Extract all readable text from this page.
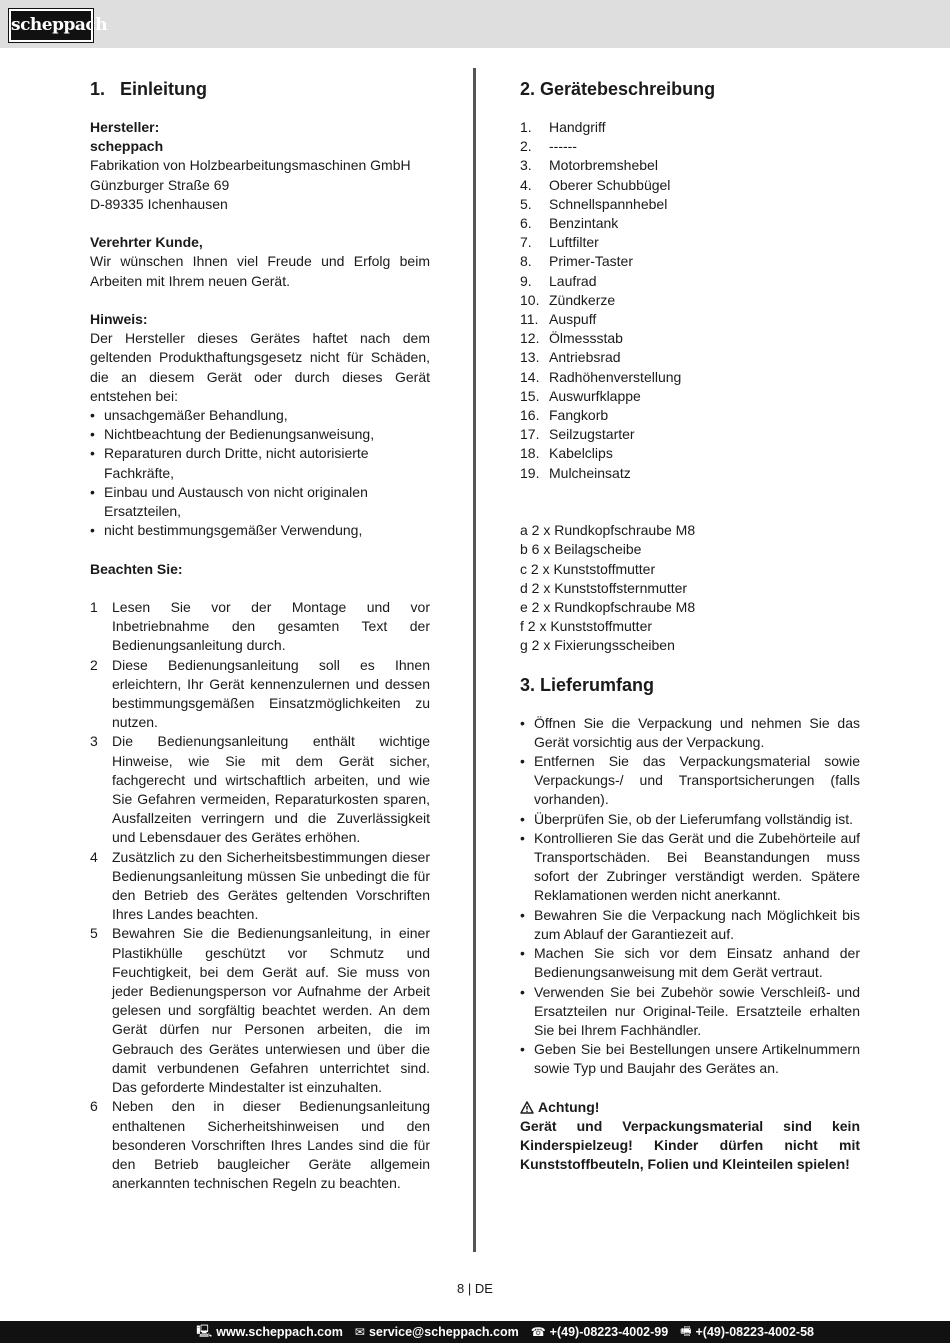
scheppach
1.   Einleitung
Hersteller:
scheppach
Fabrikation von Holzbearbeitungsmaschinen GmbH
Günzburger Straße 69
D-89335 Ichenhausen
Verehrter Kunde,
Wir wünschen Ihnen viel Freude und Erfolg beim Arbeiten mit Ihrem neuen Gerät.
Hinweis:
Der Hersteller dieses Gerätes haftet nach dem geltenden Produkthaftungsgesetz nicht für Schäden, die an diesem Gerät oder durch dieses Gerät entstehen bei:
• unsachgemäßer Behandlung,
• Nichtbeachtung der Bedienungsanweisung,
• Reparaturen durch Dritte, nicht autorisierte Fachkräfte,
• Einbau und Austausch von nicht originalen Ersatzteilen,
• nicht bestimmungsgemäßer Verwendung,
Beachten Sie:
1	Lesen Sie vor der Montage und vor Inbetriebnahme den gesamten Text der Bedienungsanleitung durch.
2	Diese Bedienungsanleitung soll es Ihnen erleichtern, Ihr Gerät kennenzulernen und dessen bestimmungsgemäßen Einsatzmöglichkeiten zu nutzen.
3	Die Bedienungsanleitung enthält wichtige Hinweise, wie Sie mit dem Gerät sicher, fachgerecht und wirtschaftlich arbeiten, und wie Sie Gefahren vermeiden, Reparaturkosten sparen, Ausfallzeiten verringern und die Zuverlässigkeit und Lebensdauer des Gerätes erhöhen.
4	Zusätzlich zu den Sicherheitsbestimmungen dieser Bedienungsanleitung müssen Sie unbedingt die für den Betrieb des Gerätes geltenden Vorschriften Ihres Landes beachten.
5	Bewahren Sie die Bedienungsanleitung, in einer Plastikhülle geschützt vor Schmutz und Feuchtigkeit, bei dem Gerät auf. Sie muss von jeder Bedienungsperson vor Aufnahme der Arbeit gelesen und sorgfältig beachtet werden. An dem Gerät dürfen nur Personen arbeiten, die im Gebrauch des Gerätes unterwiesen und über die damit verbundenen Gefahren unterrichtet sind. Das geforderte Mindestalter ist einzuhalten.
6	Neben den in dieser Bedienungsanleitung enthaltenen Sicherheitshinweisen und den besonderen Vorschriften Ihres Landes sind die für den Betrieb baugleicher Geräte allgemein anerkannten technischen Regeln zu beachten.
2. Gerätebeschreibung
1.	Handgriff
2.	------
3.	Motorbremshebel
4.	Oberer Schubbügel
5.	Schnellspannhebel
6.	Benzintank
7.	Luftfilter
8.	Primer-Taster
9.	Laufrad
10. Zündkerze
11. Auspuff
12. Ölmessstab
13. Antriebsrad
14. Radhöhenverstellung
15. Auswurfklappe
16. Fangkorb
17. Seilzugstarter
18. Kabelclips
19. Mulcheinsatz
a 2 x Rundkopfschraube M8
b 6 x Beilagscheibe
c 2 x Kunststoffmutter
d 2 x Kunststoffsternmutter
e 2 x Rundkopfschraube M8
f 2 x Kunststoffmutter
g 2 x Fixierungsscheiben
3. Lieferumfang
• Öffnen Sie die Verpackung und nehmen Sie das Gerät vorsichtig aus der Verpackung.
• Entfernen Sie das Verpackungsmaterial sowie Verpackungs-/ und Transportsicherungen (falls vorhanden).
• Überprüfen Sie, ob der Lieferumfang vollständig ist.
• Kontrollieren Sie das Gerät und die Zubehörteile auf Transportschäden. Bei Beanstandungen muss sofort der Zubringer verständigt werden. Spätere Reklamationen werden nicht anerkannt.
• Bewahren Sie die Verpackung nach Möglichkeit bis zum Ablauf der Garantiezeit auf.
• Machen Sie sich vor dem Einsatz anhand der Bedienungsanweisung mit dem Gerät vertraut.
• Verwenden Sie bei Zubehör sowie Verschleiß- und Ersatzteilen nur Original-Teile. Ersatzteile erhalten Sie bei Ihrem Fachhändler.
• Geben Sie bei Bestellungen unsere Artikelnummern sowie Typ und Baujahr des Gerätes an.
Achtung!
Gerät und Verpackungsmaterial sind kein Kinderspielzeug! Kinder dürfen nicht mit Kunststoffbeuteln, Folien und Kleinteilen spielen!
8 | DE
🖳 www.scheppach.com ✉ service@scheppach.com ☎ +(49)-08223-4002-99 🖷 +(49)-08223-4002-58
